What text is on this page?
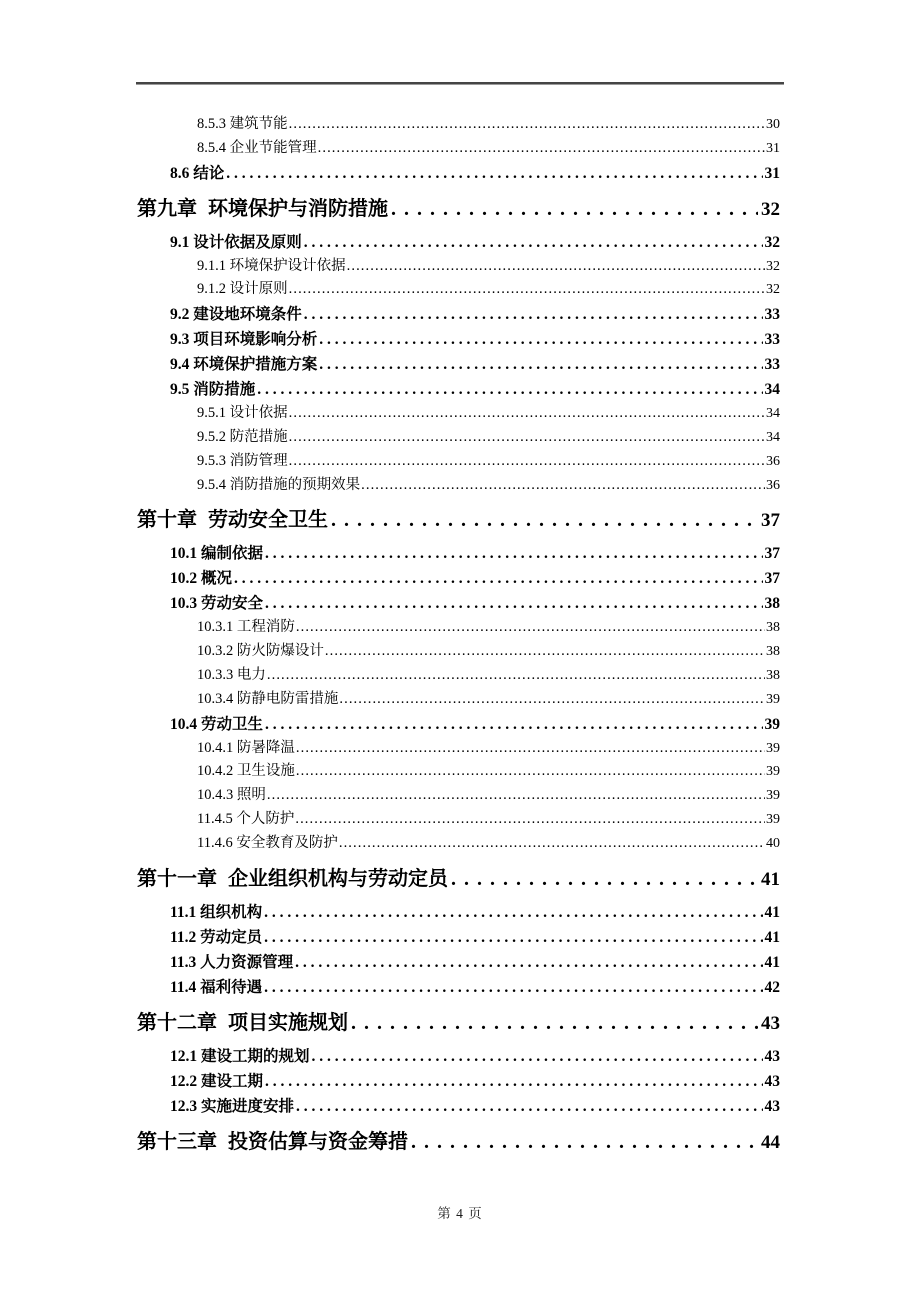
8.5.3 建筑节能 .....	30
8.5.4 企业节能管理 .....	31
8.6 结论 . . .	31
第九章 环境保护与消防措施 . . .	32
9.1 设计依据及原则 . . .	32
9.1.1 环境保护设计依据 .....	32
9.1.2 设计原则 .....	32
9.2 建设地环境条件 . . .	33
9.3 项目环境影响分析 . . .	33
9.4 环境保护措施方案 . . .	33
9.5 消防措施 . . .	34
9.5.1 设计依据 .....	34
9.5.2 防范措施 .....	34
9.5.3 消防管理 .....	36
9.5.4 消防措施的预期效果 .....	36
第十章 劳动安全卫生 . . .	37
10.1 编制依据 . . .	37
10.2 概况 . . .	37
10.3 劳动安全 . . .	38
10.3.1 工程消防 .....	38
10.3.2 防火防爆设计 .....	38
10.3.3 电力 .....	38
10.3.4 防静电防雷措施 .....	39
10.4 劳动卫生 . . .	39
10.4.1 防暑降温 .....	39
10.4.2 卫生设施 .....	39
10.4.3 照明 .....	39
11.4.5 个人防护 .....	39
11.4.6 安全教育及防护 .....	40
第十一章 企业组织机构与劳动定员 . . .	41
11.1 组织机构 . . .	41
11.2 劳动定员 . . .	41
11.3 人力资源管理 . . .	41
11.4 福利待遇 . . .	42
第十二章 项目实施规划 . . .	43
12.1 建设工期的规划 . . .	43
12.2 建设工期 . . .	43
12.3 实施进度安排 . . .	43
第十三章 投资估算与资金筹措 . . .	44
第 4 页
